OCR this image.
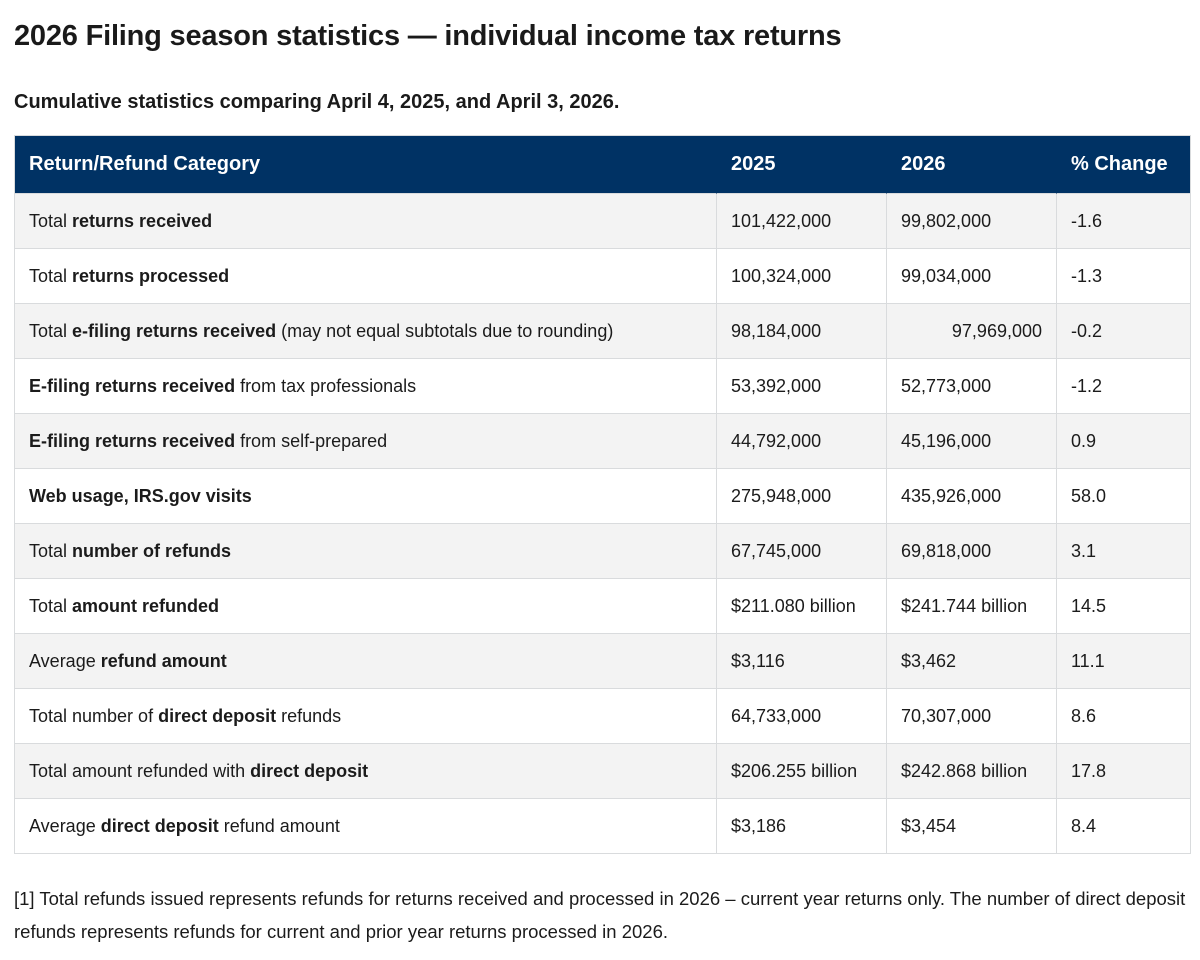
2026 Filing season statistics — individual income tax returns

Cumulative statistics comparing April 4, 2025, and April 3, 2026.

Return/Refund Category	2025	2026	% Change
Total returns received	101,422,000	99,802,000	-1.6
Total returns processed	100,324,000	99,034,000	-1.3
Total e-filing returns received (may not equal subtotals due to rounding)	98,184,000	97,969,000	-0.2
E-filing returns received from tax professionals	53,392,000	52,773,000	-1.2
E-filing returns received from self-prepared	44,792,000	45,196,000	0.9
Web usage, IRS.gov visits	275,948,000	435,926,000	58.0
Total number of refunds	67,745,000	69,818,000	3.1
Total amount refunded	$211.080 billion	$241.744 billion	14.5
Average refund amount	$3,116	$3,462	11.1
Total number of direct deposit refunds	64,733,000	70,307,000	8.6
Total amount refunded with direct deposit	$206.255 billion	$242.868 billion	17.8
Average direct deposit refund amount	$3,186	$3,454	8.4

[1] Total refunds issued represents refunds for returns received and processed in 2026 – current year returns only. The number of direct deposit refunds represents refunds for current and prior year returns processed in 2026.
